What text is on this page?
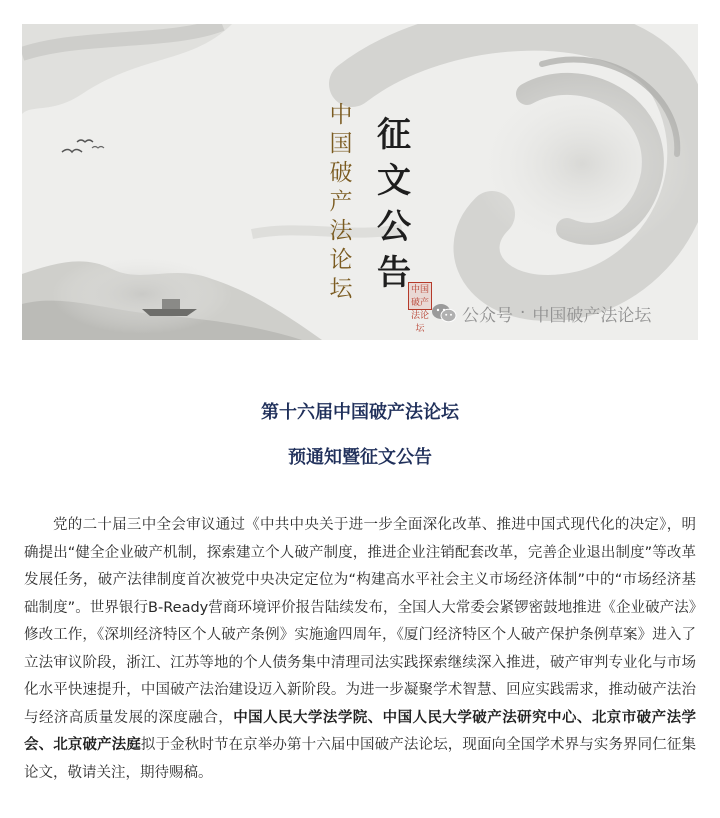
中国破产法论坛
征文公告 中国破产法论坛
公众号 · 中国破产法论坛
第十六届中国破产法论坛
预通知暨征文公告

党的二十届三中全会审议通过《中共中央关于进一步全面深化改革、推进中国式现代化的决定》，明确提出“健全企业破产机制，探索建立个人破产制度，推进企业注销配套改革，完善企业退出制度”等改革发展任务，破产法律制度首次被党中央决定定位为“构建高水平社会主义市场经济体制”中的“市场经济基础制度”。世界银行B-Ready营商环境评价报告陆续发布，全国人大常委会紧锣密鼓地推进《企业破产法》修改工作，《深圳经济特区个人破产条例》实施逾四周年，《厦门经济特区个人破产保护条例草案》进入了立法审议阶段，浙江、江苏等地的个人债务集中清理司法实践探索继续深入推进，破产审判专业化与市场化水平快速提升，中国破产法治建设迈入新阶段。为进一步凝聚学术智慧、回应实践需求，推动破产法治与经济高质量发展的深度融合，中国人民大学法学院、中国人民大学破产法研究中心、北京市破产法学会、北京破产法庭拟于金秋时节在京举办第十六届中国破产法论坛，现面向全国学术界与实务界同仁征集论文，敬请关注，期待赐稿。
